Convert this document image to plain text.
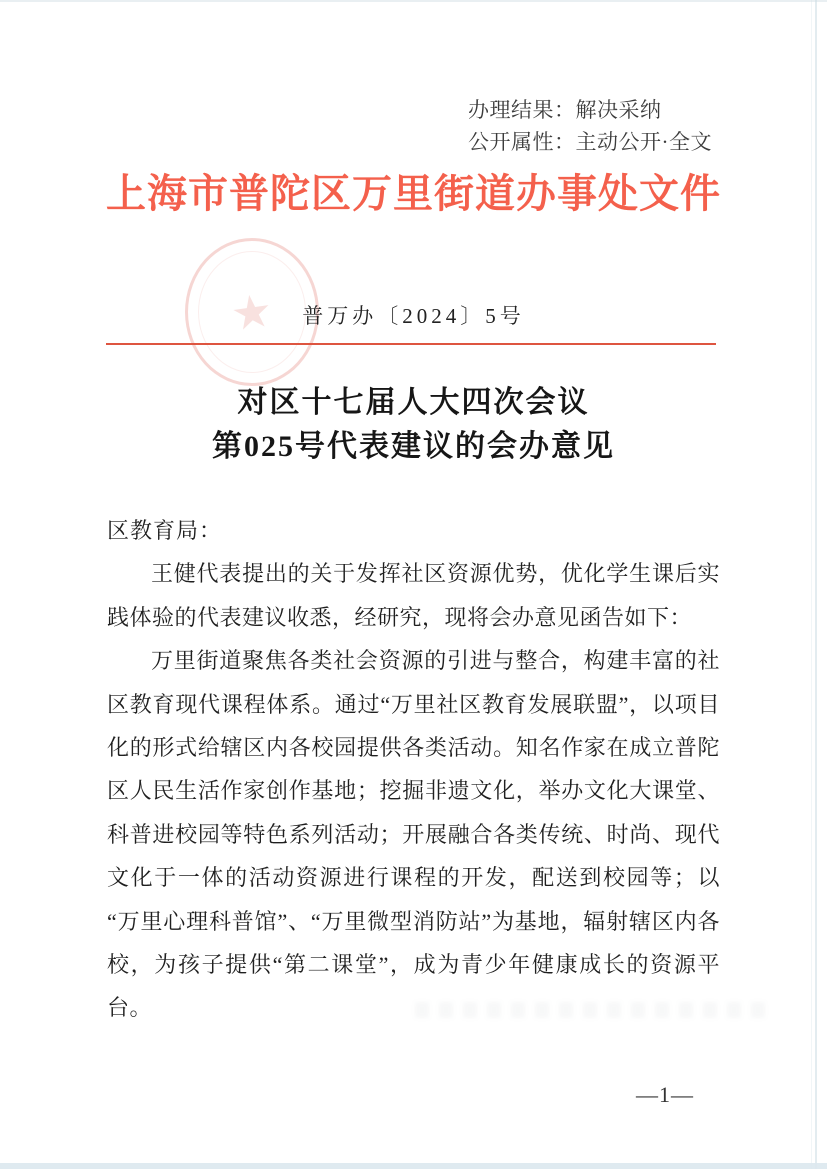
办理结果：解决采纳
公开属性：主动公开·全文
上海市普陀区万里街道办事处文件
★	普万办〔2024〕5号
对区十七届人大四次会议
第025号代表建议的会办意见
区教育局：

王健代表提出的关于发挥社区资源优势，优化学生课后实践体验的代表建议收悉，经研究，现将会办意见函告如下：

万里街道聚焦各类社会资源的引进与整合，构建丰富的社区教育现代课程体系。通过“万里社区教育发展联盟”，以项目化的形式给辖区内各校园提供各类活动。知名作家在成立普陀区人民生活作家创作基地；挖掘非遗文化，举办文化大课堂、科普进校园等特色系列活动；开展融合各类传统、时尚、现代文化于一体的活动资源进行课程的开发，配送到校园等；以“万里心理科普馆”、“万里微型消防站”为基地，辐射辖区内各校，为孩子提供“第二课堂”，成为青少年健康成长的资源平台。

—1—
